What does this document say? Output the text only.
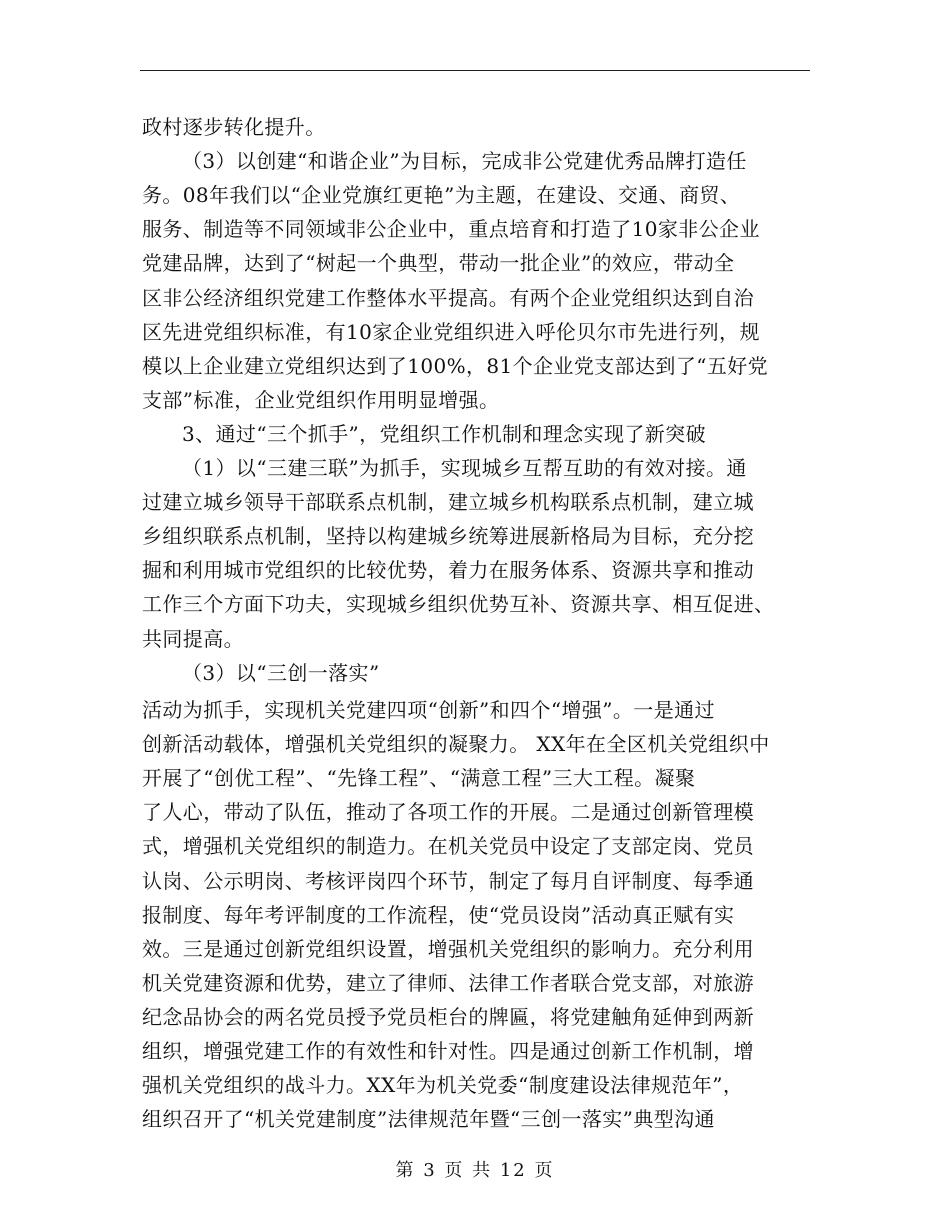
政村逐步转化提升。
（3）以创建“和谐企业”为目标，完成非公党建优秀品牌打造任
务。08年我们以“企业党旗红更艳”为主题，在建设、交通、商贸、
服务、制造等不同领域非公企业中，重点培育和打造了10家非公企业
党建品牌，达到了“树起一个典型，带动一批企业”的效应，带动全
区非公经济组织党建工作整体水平提高。有两个企业党组织达到自治
区先进党组织标准，有10家企业党组织进入呼伦贝尔市先进行列，规
模以上企业建立党组织达到了100%，81个企业党支部达到了“五好党
支部”标准，企业党组织作用明显增强。
3、通过“三个抓手”，党组织工作机制和理念实现了新突破
（1）以“三建三联”为抓手，实现城乡互帮互助的有效对接。通
过建立城乡领导干部联系点机制，建立城乡机构联系点机制，建立城
乡组织联系点机制，坚持以构建城乡统筹进展新格局为目标，充分挖
掘和利用城市党组织的比较优势，着力在服务体系、资源共享和推动
工作三个方面下功夫，实现城乡组织优势互补、资源共享、相互促进、
共同提高。
（3）以“三创一落实”
活动为抓手，实现机关党建四项“创新”和四个“增强”。一是通过
创新活动载体，增强机关党组织的凝聚力。 XX年在全区机关党组织中
开展了“创优工程”、“先锋工程”、“满意工程”三大工程。凝聚
了人心，带动了队伍，推动了各项工作的开展。二是通过创新管理模
式，增强机关党组织的制造力。在机关党员中设定了支部定岗、党员
认岗、公示明岗、考核评岗四个环节，制定了每月自评制度、每季通
报制度、每年考评制度的工作流程，使“党员设岗”活动真正赋有实
效。三是通过创新党组织设置，增强机关党组织的影响力。充分利用
机关党建资源和优势，建立了律师、法律工作者联合党支部，对旅游
纪念品协会的两名党员授予党员柜台的牌匾，将党建触角延伸到两新
组织，增强党建工作的有效性和针对性。四是通过创新工作机制，增
强机关党组织的战斗力。XX年为机关党委“制度建设法律规范年”，
组织召开了“机关党建制度”法律规范年暨“三创一落实”典型沟通
第 3 页 共 12 页
